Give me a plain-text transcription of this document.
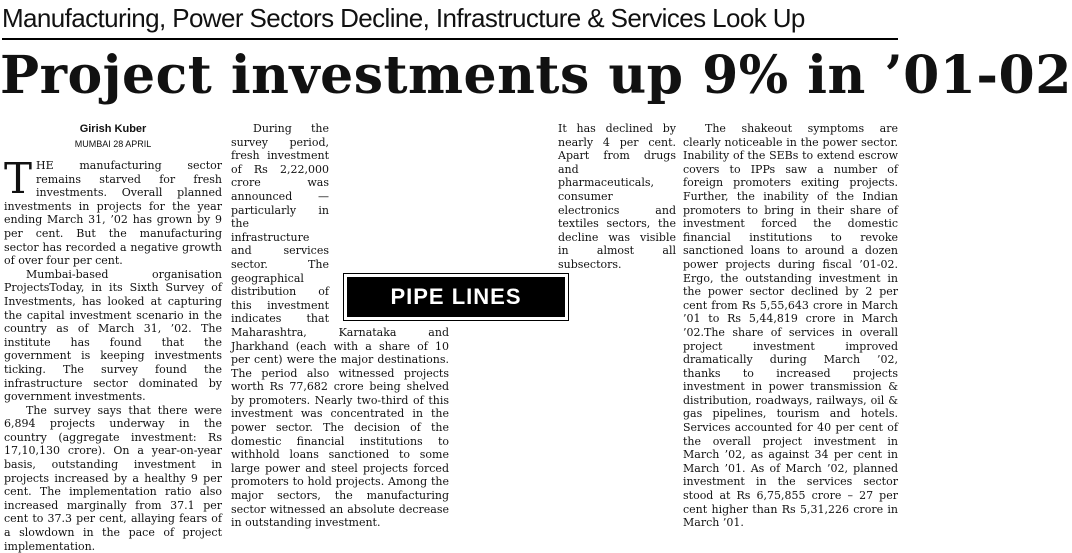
Manufacturing, Power Sectors Decline, Infrastructure & Services Look Up
Project investments up 9% in ’01-02
Girish Kuber
MUMBAI 28 APRIL

THE manufacturing sector remains starved for fresh investments. Overall planned investments in projects for the year ending March 31, ’02 has grown by 9 per cent. But the manufacturing sector has recorded a negative growth of over four per cent.

Mumbai-based organisation ProjectsToday, in its Sixth Survey of Investments, has looked at capturing the capital investment scenario in the country as of March 31, ’02. The institute has found that the government is keeping investments ticking. The survey found the infrastructure sector dominated by government investments.

The survey says that there were 6,894 projects underway in the country (aggregate investment: Rs 17,10,130 crore). On a year-on-year basis, outstanding investment in projects increased by a healthy 9 per cent. The implementation ratio also increased marginally from 37.1 per cent to 37.3 per cent, allaying fears of a slowdown in the pace of project implementation.

During the survey period, fresh investment of Rs 2,22,000 crore was announced — particularly in the infrastructure and services sector. The geographical distribution of this investment indicates that Maharashtra, Karnataka and Jharkhand (each with a share of 10 per cent) were the major destinations. The period also witnessed projects worth Rs 77,682 crore being shelved by promoters. Nearly two-third of this investment was concentrated in the power sector. The decision of the domestic financial institutions to withhold loans sanctioned to some large power and steel projects forced promoters to hold projects. Among the major sectors, the manufacturing sector witnessed an absolute decrease in outstanding investment.

It has declined by nearly 4 per cent. Apart from drugs and pharmaceuticals, consumer electronics and textiles sectors, the decline was visible in almost all subsectors.

The shakeout symptoms are clearly noticeable in the power sector. Inability of the SEBs to extend escrow covers to IPPs saw a number of foreign promoters exiting projects. Further, the inability of the Indian promoters to bring in their share of investment forced the domestic financial institutions to revoke sanctioned loans to around a dozen power projects during fiscal ’01-02. Ergo, the outstanding investment in the power sector declined by 2 per cent from Rs 5,55,643 crore in March ’01 to Rs 5,44,819 crore in March ’02.The share of services in overall project investment improved dramatically during March ’02, thanks to increased projects investment in power transmission & distribution, roadways, railways, oil & gas pipelines, tourism and hotels. Services accounted for 40 per cent of the overall project investment in March ’02, as against 34 per cent in March ’01. As of March ’02, planned investment in the services sector stood at Rs 6,75,855 crore – 27 per cent higher than Rs 5,31,226 crore in March ’01.

PIPE LINES
